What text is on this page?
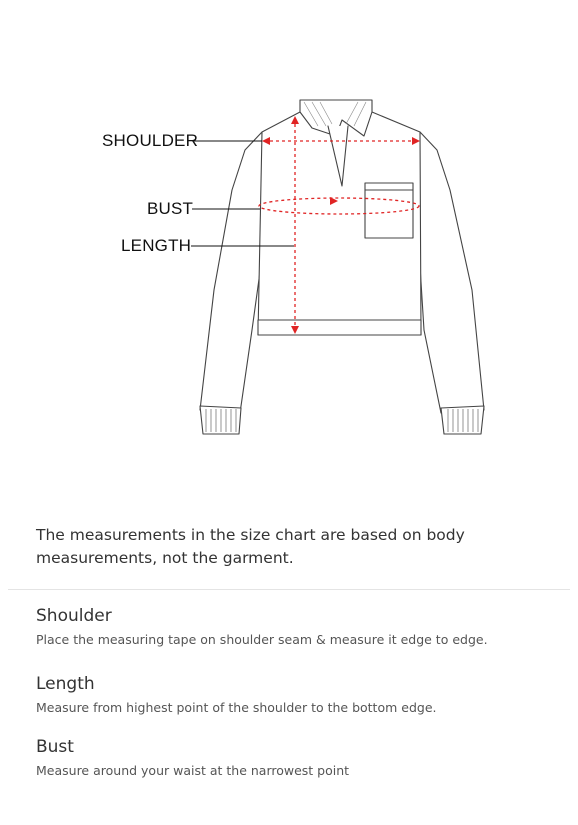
SHOULDER
BUST
LENGTH
The measurements in the size chart are based on body measurements, not the garment.
Shoulder

Place the measuring tape on shoulder seam & measure it edge to edge.

Length

Measure from highest point of the shoulder to the bottom edge.

Bust

Measure around your waist at the narrowest point
